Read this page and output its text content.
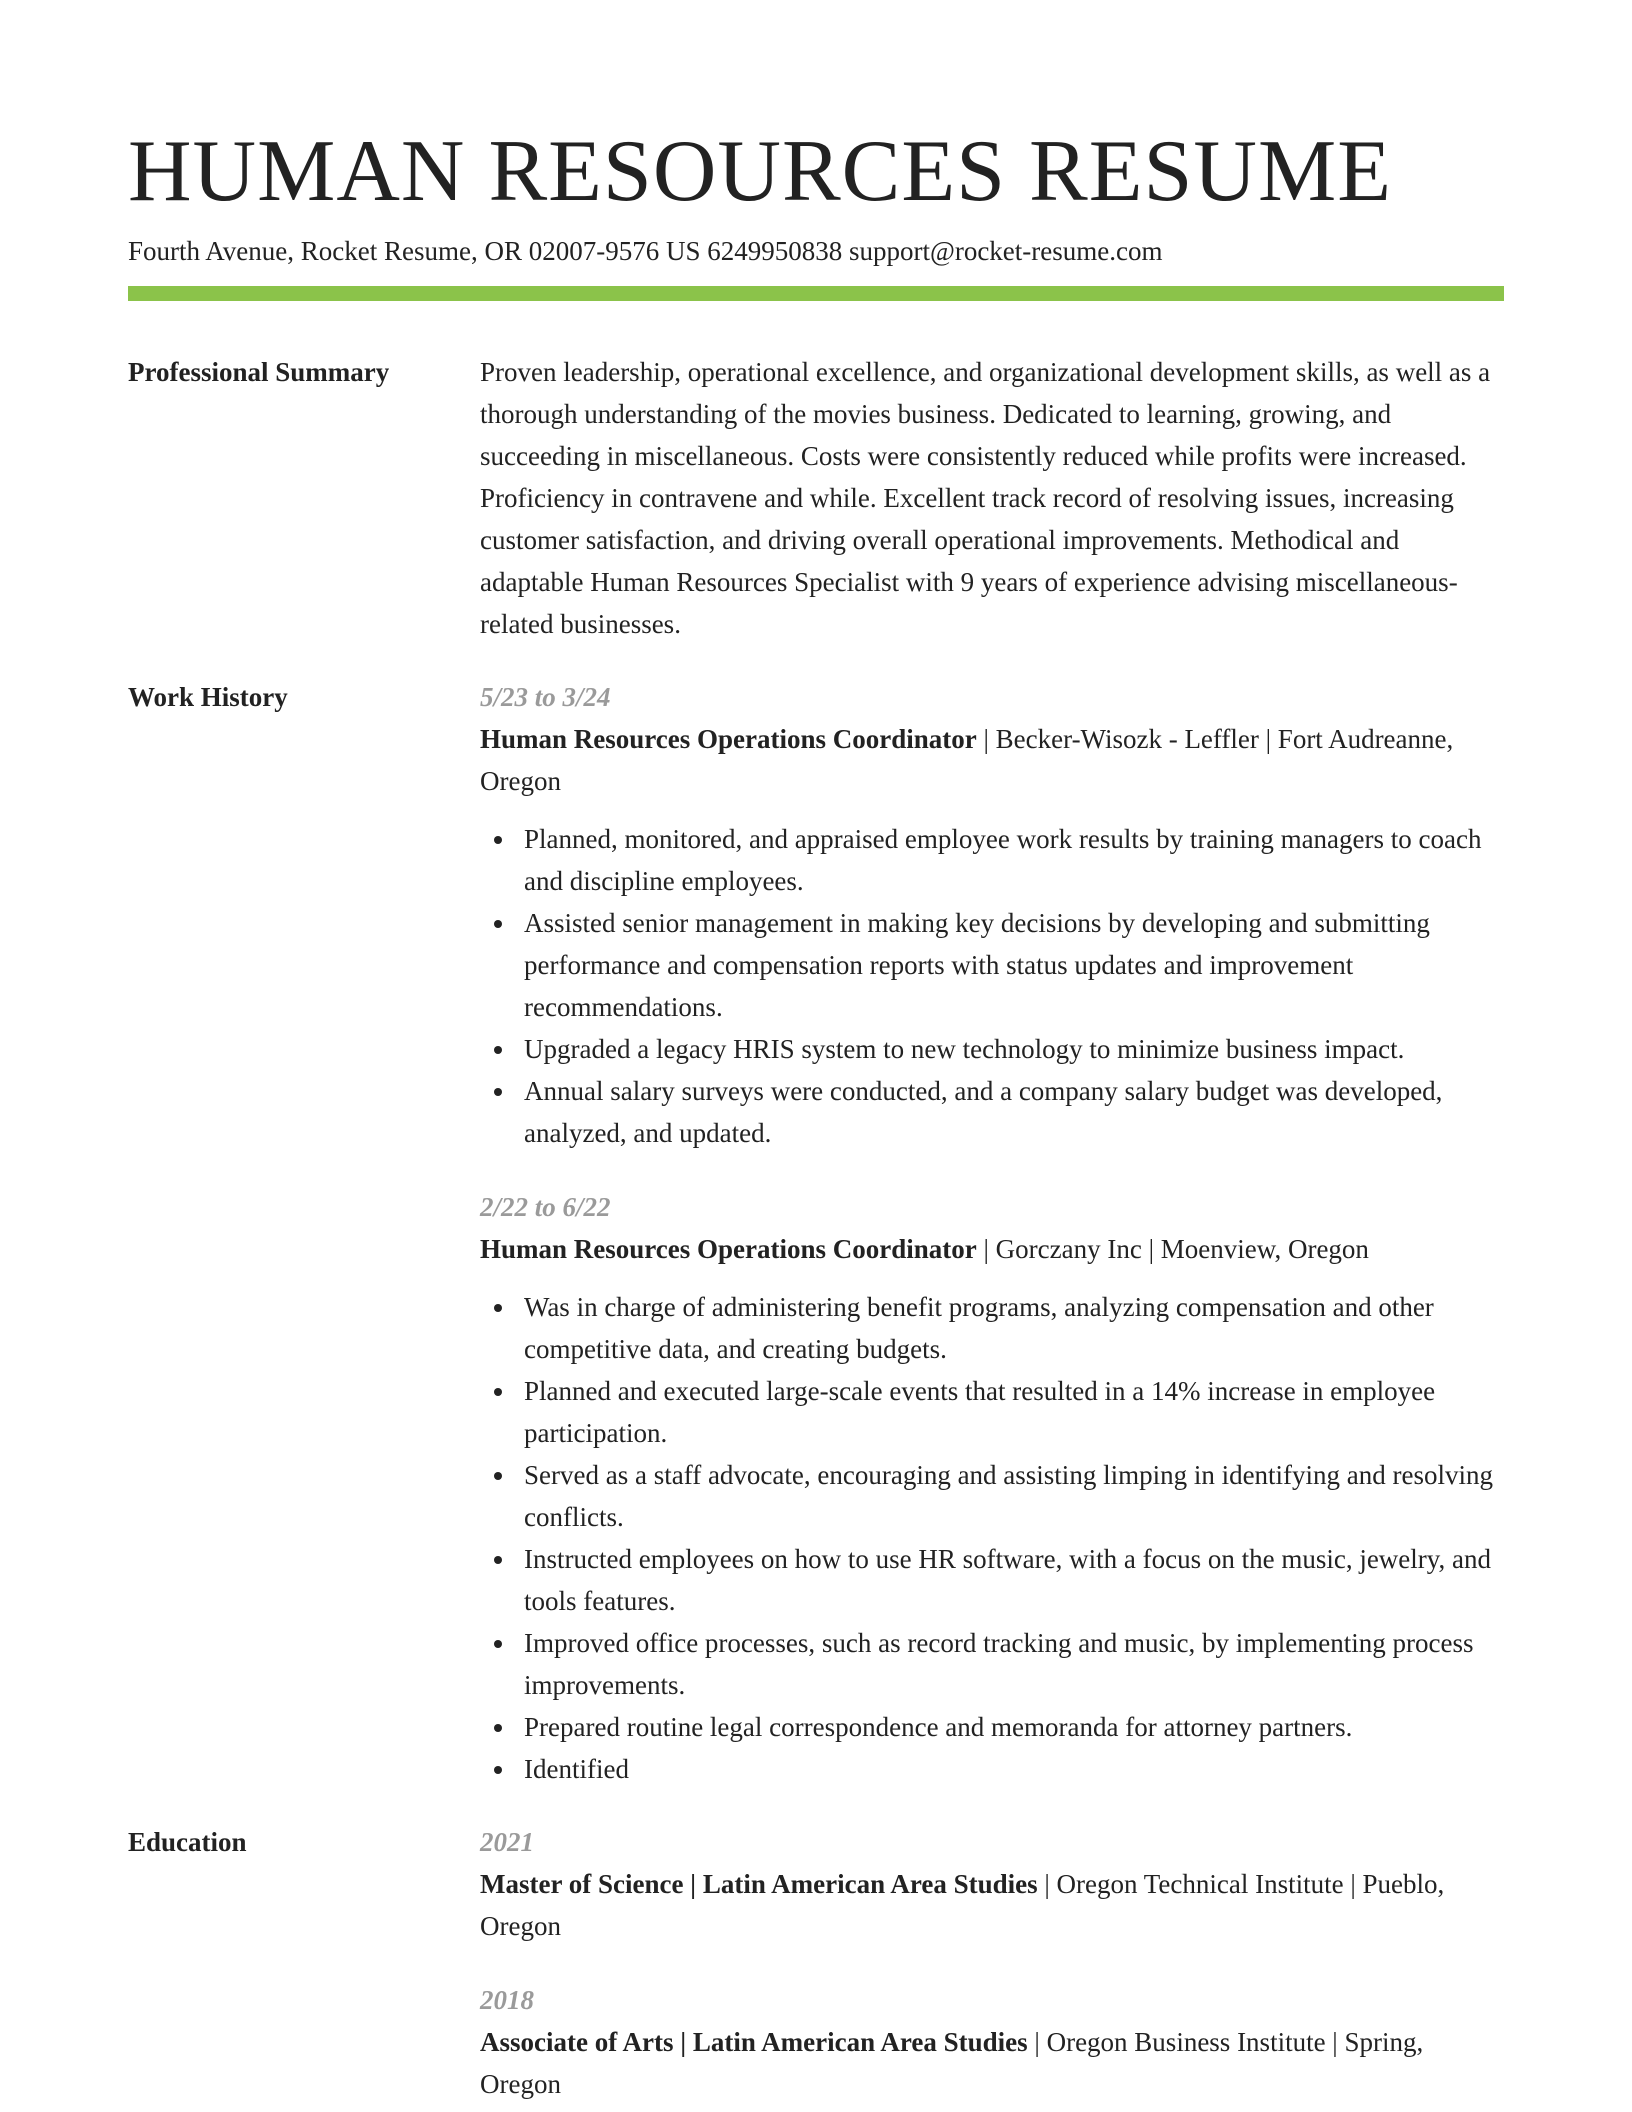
HUMAN RESOURCES RESUME
Fourth Avenue, Rocket Resume, OR 02007-9576 US 6249950838 support@rocket-resume.com
Professional Summary	Proven leadership, operational excellence, and organizational development skills, as well as a thorough understanding of the movies business. Dedicated to learning, growing, and succeeding in miscellaneous. Costs were consistently reduced while profits were increased. Proficiency in contravene and while. Excellent track record of resolving issues, increasing customer satisfaction, and driving overall operational improvements. Methodical and adaptable Human Resources Specialist with 9 years of experience advising miscellaneous-related businesses.
Work History	5/23 to 3/24
Human Resources Operations Coordinator | Becker-Wisozk - Leffler | Fort Audreanne, Oregon
Planned, monitored, and appraised employee work results by training managers to coach and discipline employees.
Assisted senior management in making key decisions by developing and submitting performance and compensation reports with status updates and improvement recommendations.
Upgraded a legacy HRIS system to new technology to minimize business impact.
Annual salary surveys were conducted, and a company salary budget was developed, analyzed, and updated.
2/22 to 6/22
Human Resources Operations Coordinator | Gorczany Inc | Moenview, Oregon
Was in charge of administering benefit programs, analyzing compensation and other competitive data, and creating budgets.
Planned and executed large-scale events that resulted in a 14% increase in employee participation.
Served as a staff advocate, encouraging and assisting limping in identifying and resolving conflicts.
Instructed employees on how to use HR software, with a focus on the music, jewelry, and tools features.
Improved office processes, such as record tracking and music, by implementing process improvements.
Prepared routine legal correspondence and memoranda for attorney partners.
Identified
Education	2021
Master of Science | Latin American Area Studies | Oregon Technical Institute | Pueblo, Oregon
2018
Associate of Arts | Latin American Area Studies | Oregon Business Institute | Spring, Oregon
